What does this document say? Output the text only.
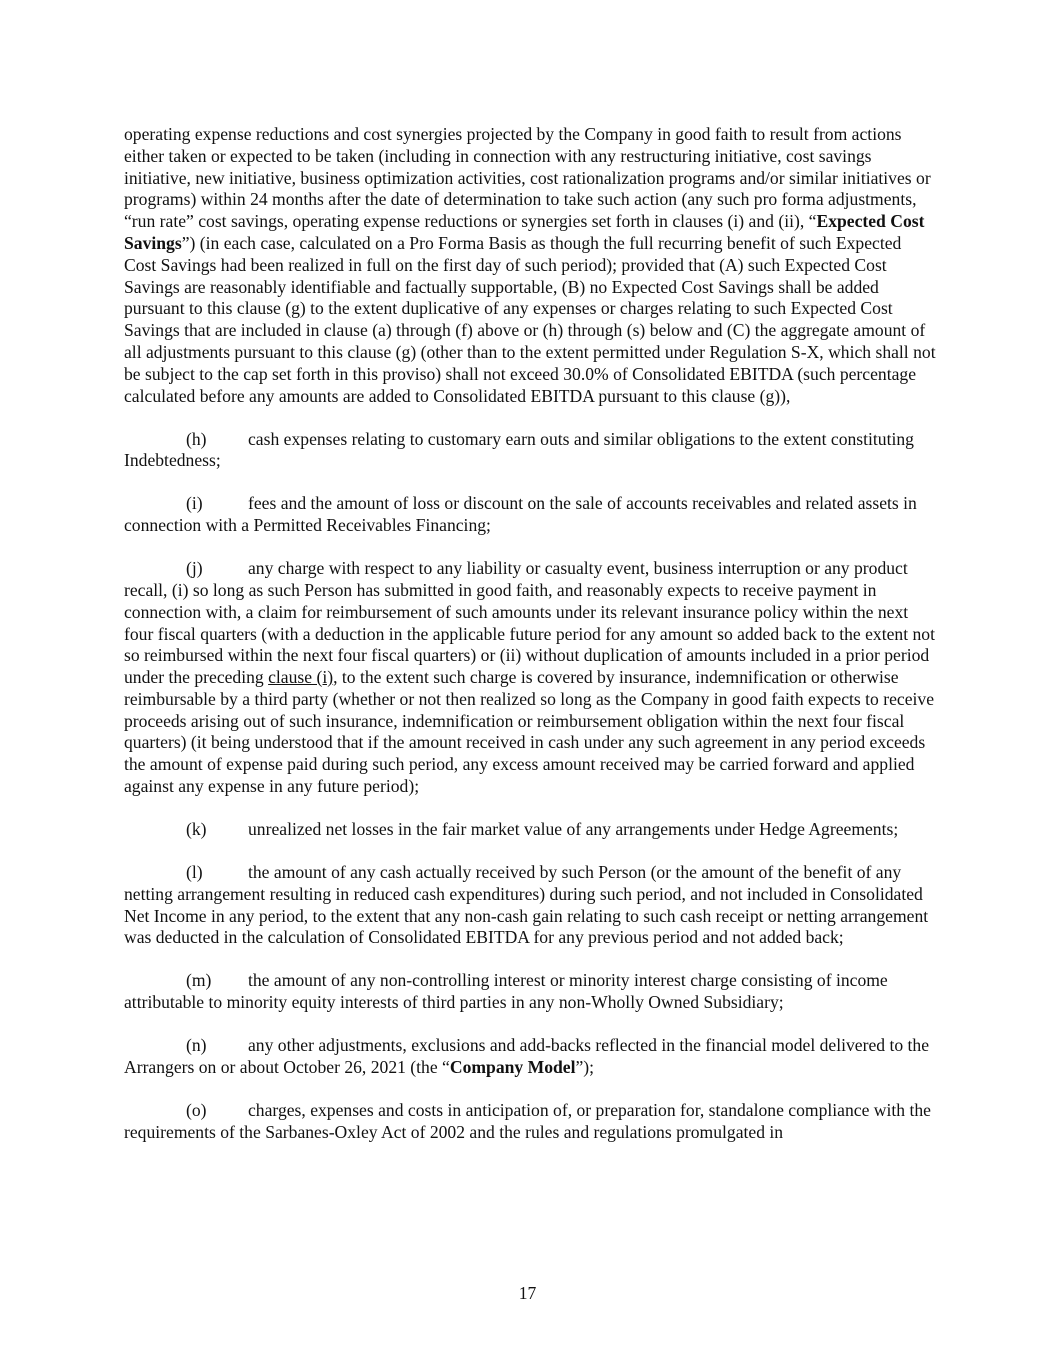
operating expense reductions and cost synergies projected by the Company in good faith to result from actions either taken or expected to be taken (including in connection with any restructuring initiative, cost savings initiative, new initiative, business optimization activities, cost rationalization programs and/or similar initiatives or programs) within 24 months after the date of determination to take such action (any such pro forma adjustments, “run rate” cost savings, operating expense reductions or synergies set forth in clauses (i) and (ii), “Expected Cost Savings”) (in each case, calculated on a Pro Forma Basis as though the full recurring benefit of such Expected Cost Savings had been realized in full on the first day of such period); provided that (A) such Expected Cost Savings are reasonably identifiable and factually supportable, (B) no Expected Cost Savings shall be added pursuant to this clause (g) to the extent duplicative of any expenses or charges relating to such Expected Cost Savings that are included in clause (a) through (f) above or (h) through (s) below and (C) the aggregate amount of all adjustments pursuant to this clause (g) (other than to the extent permitted under Regulation S-X, which shall not be subject to the cap set forth in this proviso) shall not exceed 30.0% of Consolidated EBITDA (such percentage calculated before any amounts are added to Consolidated EBITDA pursuant to this clause (g)),

(h) cash expenses relating to customary earn outs and similar obligations to the extent constituting Indebtedness;

(i)	fees and the amount of loss or discount on the sale of accounts receivables and related assets in connection with a Permitted Receivables Financing;

(j)	any charge with respect to any liability or casualty event, business interruption or any product recall, (i) so long as such Person has submitted in good faith, and reasonably expects to receive payment in connection with, a claim for reimbursement of such amounts under its relevant insurance policy within the next four fiscal quarters (with a deduction in the applicable future period for any amount so added back to the extent not so reimbursed within the next four fiscal quarters) or (ii) without duplication of amounts included in a prior period under the preceding clause (i), to the extent such charge is covered by insurance, indemnification or otherwise reimbursable by a third party (whether or not then realized so long as the Company in good faith expects to receive proceeds arising out of such insurance, indemnification or reimbursement obligation within the next four fiscal quarters) (it being understood that if the amount received in cash under any such agreement in any period exceeds the amount of expense paid during such period, any excess amount received may be carried forward and applied against any expense in any future period);

(k) unrealized net losses in the fair market value of any arrangements under Hedge Agreements;

(l)	the amount of any cash actually received by such Person (or the amount of the benefit of any netting arrangement resulting in reduced cash expenditures) during such period, and not included in Consolidated Net Income in any period, to the extent that any non-cash gain relating to such cash receipt or netting arrangement was deducted in the calculation of Consolidated EBITDA for any previous period and not added back;

(m) the amount of any non-controlling interest or minority interest charge consisting of income attributable to minority equity interests of third parties in any non-Wholly Owned Subsidiary;

(n) any other adjustments, exclusions and add-backs reflected in the financial model delivered to the Arrangers on or about October 26, 2021 (the “Company Model”);

(o) charges, expenses and costs in anticipation of, or preparation for, standalone compliance with the requirements of the Sarbanes-Oxley Act of 2002 and the rules and regulations promulgated in

17
